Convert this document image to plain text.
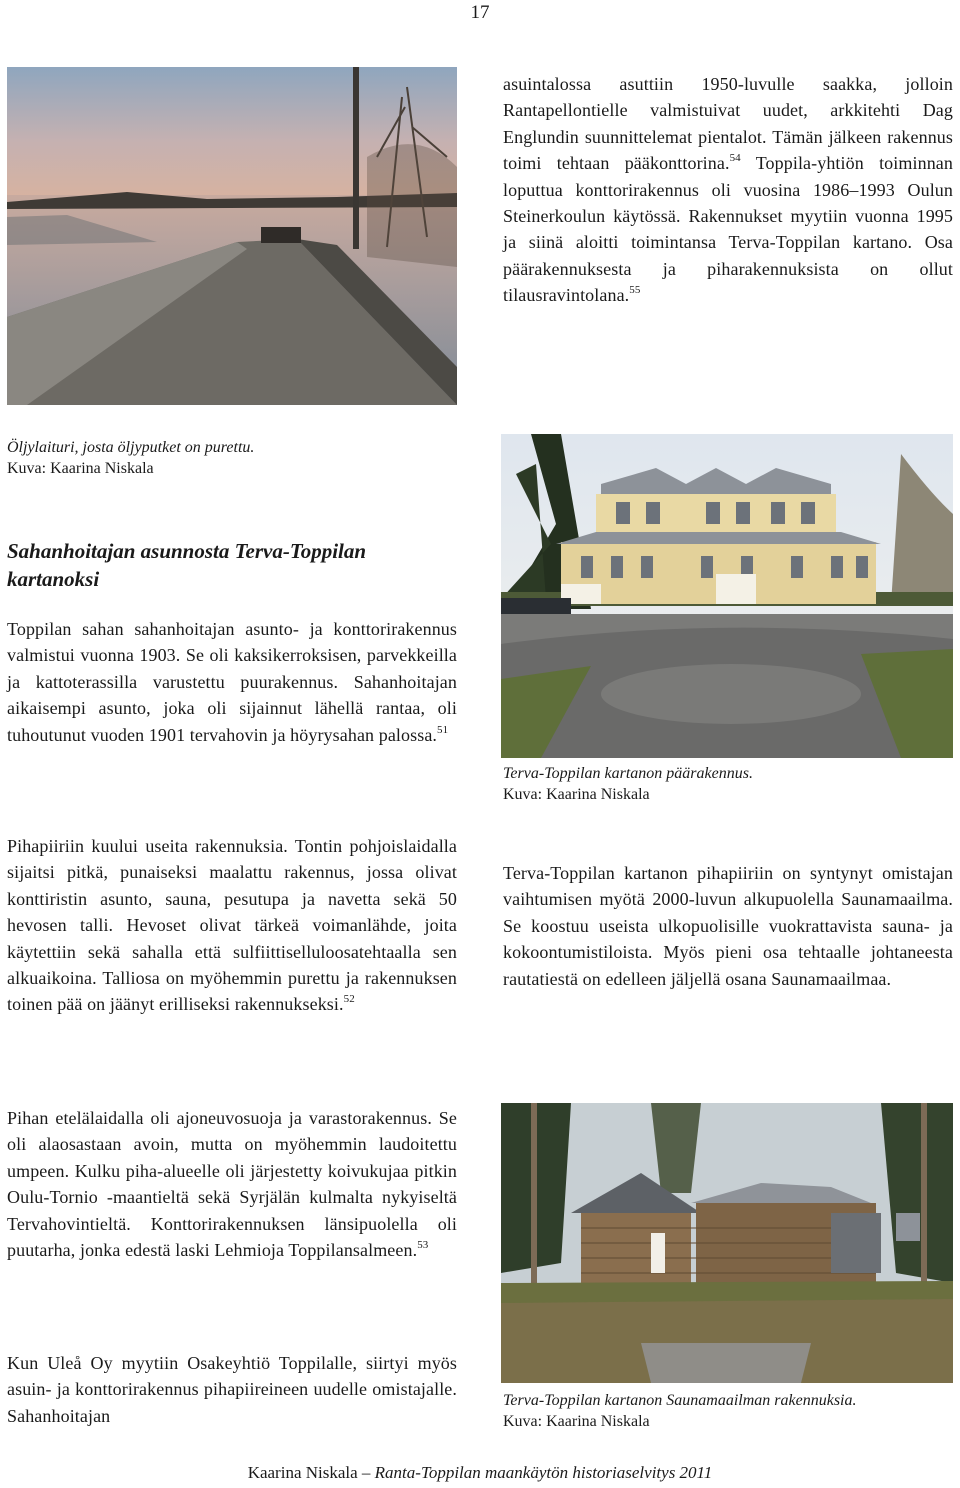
17

asuintalossa asuttiin 1950-luvulle saakka, jolloin Rantapellontielle valmistuivat uudet, arkkitehti Dag Englundin suunnittelemat pientalot. Tämän jälkeen rakennus toimi tehtaan pääkonttorina.$^{54}$ Toppila-yhtiön toiminnan loputtua konttorirakennus oli vuosina 1986–1993 Oulun Steinerkoulun käytössä. Rakennukset myytiin vuonna 1995 ja siinä aloitti toimintansa Terva-Toppilan kartano. Osa päärakennuksesta ja piharakennuksista on ollut tilausravintolana.$^{55}$

Öljylaituri, josta öljyputket on purettu.
Kuva: Kaarina Niskala
Sahanhoitajan asunnosta Terva-Toppilan kartanoksi

Toppilan sahan sahanhoitajan asunto- ja konttorirakennus valmistui vuonna 1903. Se oli kaksikerroksisen, parvekkeilla ja kattoterassilla varustettu puurakennus. Sahanhoitajan aikaisempi asunto, joka oli sijainnut lähellä rantaa, oli tuhoutunut vuoden 1901 tervahovin ja höyrysahan palossa.$^{51}$

Pihapiiriin kuului useita rakennuksia. Tontin pohjoislaidalla sijaitsi pitkä, punaiseksi maalattu rakennus, jossa olivat konttiristin asunto, sauna, pesutupa ja navetta sekä 50 hevosen talli. Hevoset olivat tärkeä voimanlähde, joita käytettiin sekä sahalla että sulfiittiselluloosatehtaalla sen alkuaikoina. Talliosa on myöhemmin purettu ja rakennuksen toinen pää on jäänyt erilliseksi rakennukseksi.$^{52}$

Pihan etelälaidalla oli ajoneuvosuoja ja varastorakennus. Se oli alaosastaan avoin, mutta on myöhemmin laudoitettu umpeen. Kulku piha-alueelle oli järjestetty koivukujaa pitkin Oulu-Tornio -maantieltä sekä Syrjälän kulmalta nykyiseltä Tervahovintieltä. Konttorirakennuksen länsipuolella oli puutarha, jonka edestä laski Lehmioja Toppilansalmeen.$^{53}$

Kun Uleå Oy myytiin Osakeyhtiö Toppilalle, siirtyi myös asuin- ja konttorirakennus pihapiireineen uudelle omistajalle. Sahanhoitajan

Terva-Toppilan kartanon päärakennus.
Kuva: Kaarina Niskala

Terva-Toppilan kartanon pihapiiriin on syntynyt omistajan vaihtumisen myötä 2000-luvun alkupuolella Saunamaailma. Se koostuu useista ulkopuolisille vuokrattavista sauna- ja kokoontumistiloista. Myös pieni osa tehtaalle johtaneesta rautatiestä on edelleen jäljellä osana Saunamaailmaa.

Terva-Toppilan kartanon Saunamaailman rakennuksia.
Kuva: Kaarina Niskala
Kaarina Niskala – Ranta-Toppilan maankäytön historiaselvitys 2011
